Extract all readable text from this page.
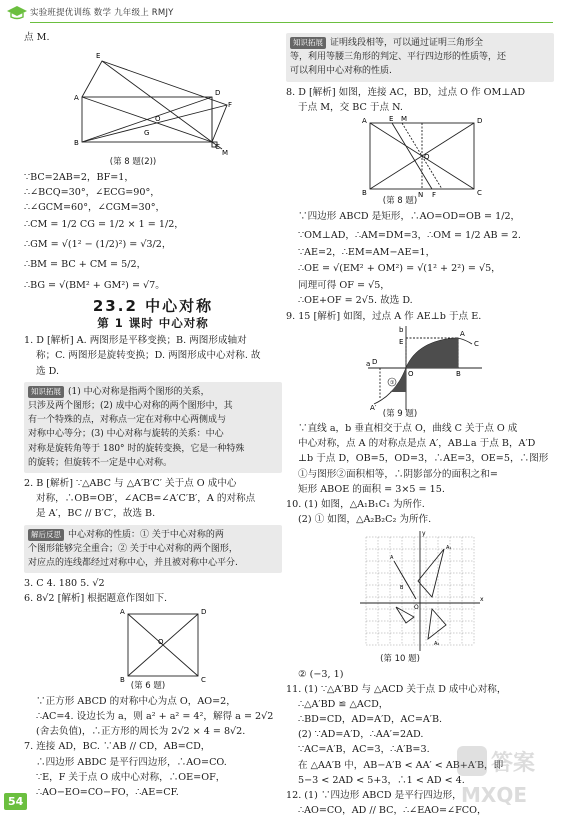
实验班提优训练 数学 九年级上 RMJY
点 M.
A
E
D
F
B	C
M
O
G
(第 8 题(2))
∵BC=2AB=2，BF=1，
∴∠BCQ=30°，∠ECG=90°，
∴∠GCM=60°，∠CGM=30°，
∴CM = 1/2 CG = 1/2 × 1 = 1/2，
∴GM = √(1² − (1/2)²) = √3/2，
∴BM = BC + CM = 5/2，
∴BG = √(BM² + GM²) = √7。
23.2 中心对称
第 1 课时 中心对称
1. D [解析] A. 两图形是平移变换；B. 两图形成轴对
称；C. 两图形是旋转变换；D. 两图形成中心对称. 故
选 D.
知识拓展 (1) 中心对称是指两个图形的关系，
只涉及两个图形；(2) 成中心对称的两个图形中，其
有一个特殊的点，对称点一定在对称中心两侧成与
对称中心等分；(3) 中心对称与旋转的关系：中心
对称是旋转角等于 180° 时的旋转变换，它是一种特殊
的旋转；但旋转不一定是中心对称。
2. B [解析] ∵△ABC 与 △A′B′C′ 关于点 O 成中心
对称，∴OB=OB′，∠ACB=∠A′C′B′，A 的对称点
是 A′，BC // B′C′，故选 B.
解后反思 中心对称的性质：① 关于中心对称的两
个图形能够完全重合；② 关于中心对称的两个图形，
对应点的连线都经过对称中心，并且被对称中心平分.
3. C 4. 180 5. √2
6. 8√2 [解析] 根据题意作图如下.
A	D
B	C
O
(第 6 题)
∵正方形 ABCD 的对称中心为点 O，AO=2，
∴AC=4. 设边长为 a，则 a² + a² = 4²，解得 a = 2√2
(舍去负值)，∴正方形的周长为 2√2 × 4 = 8√2.
7. 连接 AD，BC. ∵AB // CD，AB=CD，
∴四边形 ABDC 是平行四边形，∴AO=CO.
∵E，F 关于点 O 成中心对称，∴OE=OF，
∴AO−EO=CO−FO，∴AE=CF.
知识拓展 证明线段相等，可以通过证明三角形全
等，利用等腰三角形的判定、平行四边形的性质等，还
可以利用中心对称的性质.
8. D [解析] 如图，连接 AC，BD，过点 O 作 OM⊥AD
于点 M，交 BC 于点 N.
A	E M	D
B	F
N	C
O
(第 8 题)
∵四边形 ABCD 是矩形，∴AO=OD=OB = 1/2，
∵OM⊥AD，∴AM=DM=3，∴OM = 1/2 AB = 2.
∵AE=2，∴EM=AM−AE=1，
∴OE = √(EM² + OM²) = √(1² + 2²) = √5，
同理可得 OF = √5，
∴OE+OF = 2√5. 故选 D.
9. 15 [解析] 如图，过点 A 作 AE⊥b 于点 E.
①
a
b
E
A
C
O	B
D
A′
(第 9 题)
∵直线 a，b 垂直相交于点 O，曲线 C 关于点 O 成
中心对称，点 A 的对称点是点 A′，AB⊥a 于点 B，A′D
⊥b 于点 D，OB=5，OD=3，∴AE=3，OE=5，∴图形
①与图形②面积相等，∴阴影部分的面积之和=
矩形 ABOE 的面积 = 3×5 = 15.
10. (1) 如图，△A₁B₁C₁ 为所作.
(2) ① 如图，△A₂B₂C₂ 为所作.
x
y
O
A
A₁
B
A₂
(第 10 题)
② (−3, 1)
11. (1) ∵△A′BD 与 △ACD 关于点 D 成中心对称，
∴△A′BD ≌ △ACD，
∴BD=CD，AD=A′D，AC=A′B.
(2) ∵AD=A′D，∴AA′=2AD.
∵AC=A′B，AC=3，∴A′B=3.
在 △AA′B 中，AB−A′B < AA′ < AB+A′B，即
5−3 < 2AD < 5+3，∴1 < AD < 4.
12. (1) ∵四边形 ABCD 是平行四边形，
∴AO=CO，AD // BC，∴∠EAO=∠FCO，
54
答案
MXQE
